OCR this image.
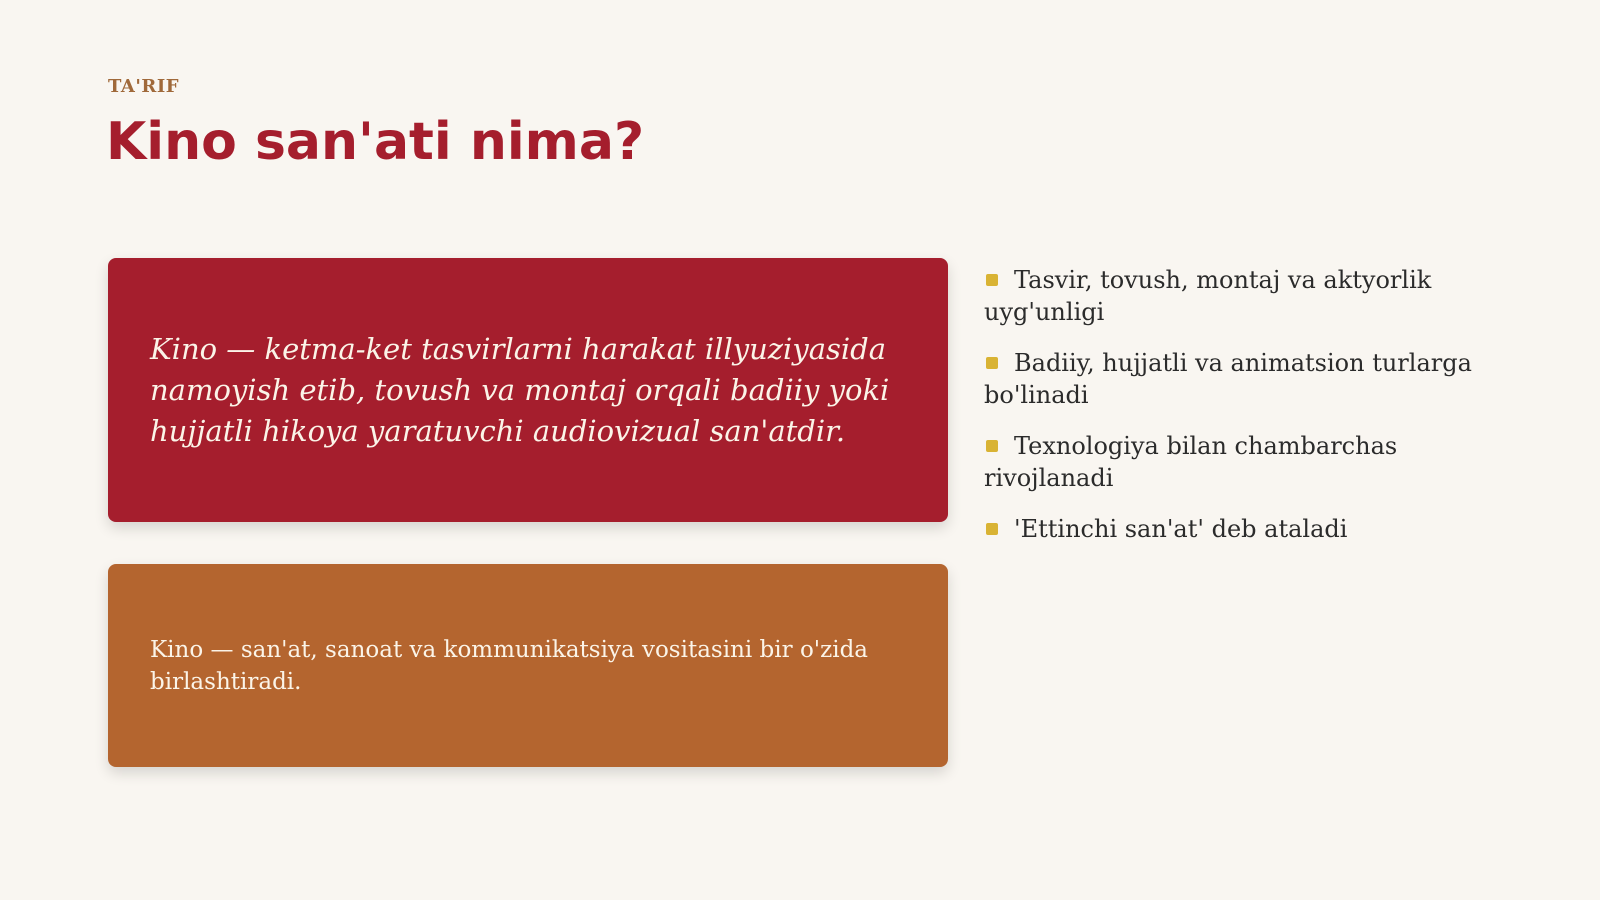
TA'RIF
Kino san'ati nima?
Kino — ketma-ket tasvirlarni harakat illyuziyasida namoyish etib, tovush va montaj orqali badiiy yoki hujjatli hikoya yaratuvchi audiovizual san'atdir.
Kino — san'at, sanoat va kommunikatsiya vositasini bir o'zida birlashtiradi.
Tasvir, tovush, montaj va aktyorlik uyg'unligi
Badiiy, hujjatli va animatsion turlarga bo'linadi
Texnologiya bilan chambarchas rivojlanadi
'Ettinchi san'at' deb ataladi
